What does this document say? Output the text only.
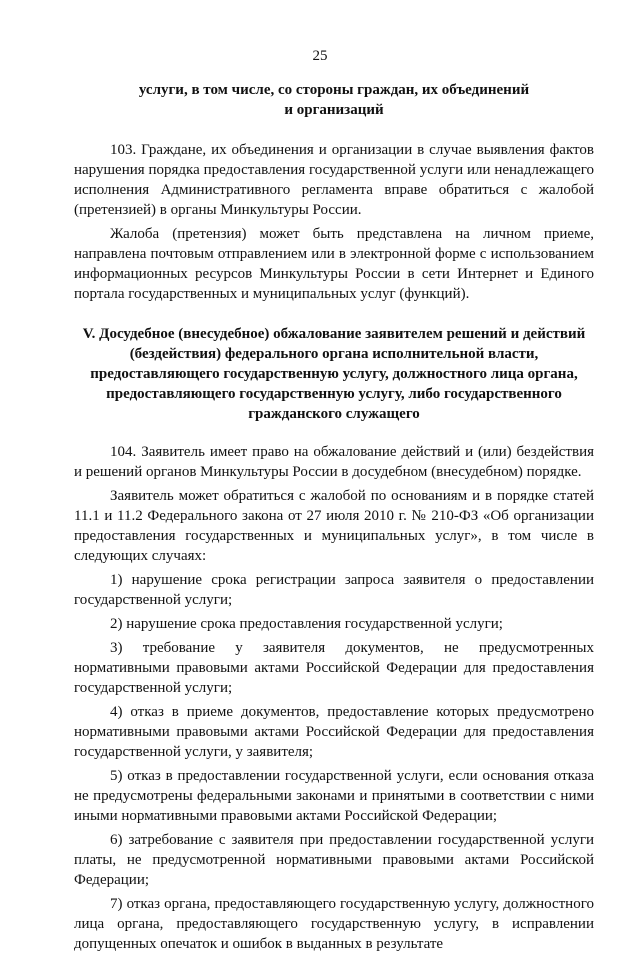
25

услуги, в том числе, со стороны граждан, их объединений
и организаций

103. Граждане, их объединения и организации в случае выявления фактов нарушения порядка предоставления государственной услуги или ненадлежащего исполнения Административного регламента вправе обратиться с жалобой (претензией) в органы Минкультуры России.

Жалоба (претензия) может быть представлена на личном приеме, направлена почтовым отправлением или в электронной форме с использованием информационных ресурсов Минкультуры России в сети Интернет и Единого портала государственных и муниципальных услуг (функций).

V. Досудебное (внесудебное) обжалование заявителем решений и действий
(бездействия) федерального органа исполнительной власти,
предоставляющего государственную услугу, должностного лица органа,
предоставляющего государственную услугу, либо государственного
гражданского служащего

104. Заявитель имеет право на обжалование действий и (или) бездействия и решений органов Минкультуры России в досудебном (внесудебном) порядке.

Заявитель может обратиться с жалобой по основаниям и в порядке статей 11.1 и 11.2 Федерального закона от 27 июля 2010 г. № 210-ФЗ «Об организации предоставления государственных и муниципальных услуг», в том числе в следующих случаях:

1) нарушение срока регистрации запроса заявителя о предоставлении государственной услуги;

2) нарушение срока предоставления государственной услуги;

3) требование у заявителя документов, не предусмотренных нормативными правовыми актами Российской Федерации для предоставления государственной услуги;

4) отказ в приеме документов, предоставление которых предусмотрено нормативными правовыми актами Российской Федерации для предоставления государственной услуги, у заявителя;

5) отказ в предоставлении государственной услуги, если основания отказа не предусмотрены федеральными законами и принятыми в соответствии с ними иными нормативными правовыми актами Российской Федерации;

6) затребование с заявителя при предоставлении государственной услуги платы, не предусмотренной нормативными правовыми актами Российской Федерации;

7) отказ органа, предоставляющего государственную услугу, должностного лица органа, предоставляющего государственную услугу, в исправлении допущенных опечаток и ошибок в выданных в результате
